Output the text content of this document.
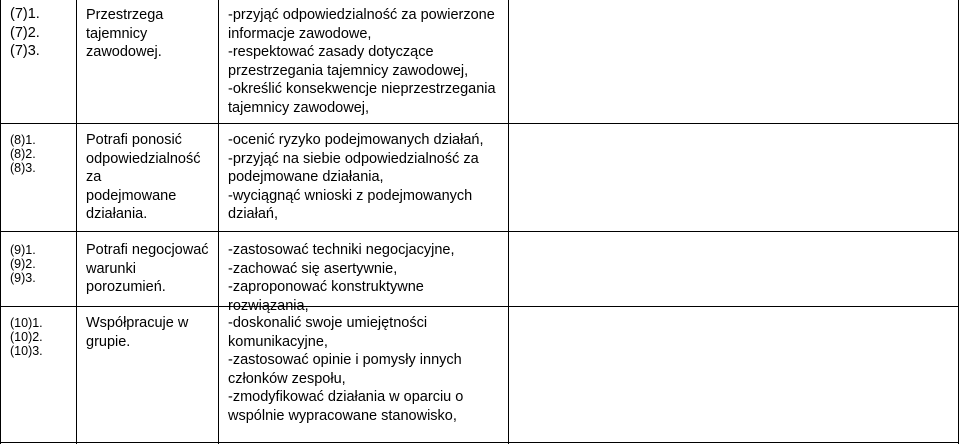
(7)1.
(7)2.
(7)3.
Przestrzega
tajemnicy
zawodowej.
-przyjąć odpowiedzialność za powierzone
informacje zawodowe,
-respektować zasady dotyczące
przestrzegania tajemnicy zawodowej,
-określić konsekwencje nieprzestrzegania
tajemnicy zawodowej,
(8)1.
(8)2.
(8)3.
Potrafi ponosić
odpowiedzialność za
podejmowane
działania.
-ocenić ryzyko podejmowanych działań,
-przyjąć na siebie odpowiedzialność za
podejmowane działania,
-wyciągnąć wnioski z podejmowanych
działań,
(9)1.
(9)2.
(9)3.
Potrafi negocjować
warunki porozumień.
-zastosować techniki negocjacyjne,
-zachować się asertywnie,
-zaproponować konstruktywne rozwiązania,
(10)1.
(10)2.
(10)3.
Współpracuje w
grupie.
-doskonalić swoje umiejętności
komunikacyjne,
-zastosować opinie i pomysły innych
członków zespołu,
-zmodyfikować działania w oparciu o
wspólnie wypracowane stanowisko,
